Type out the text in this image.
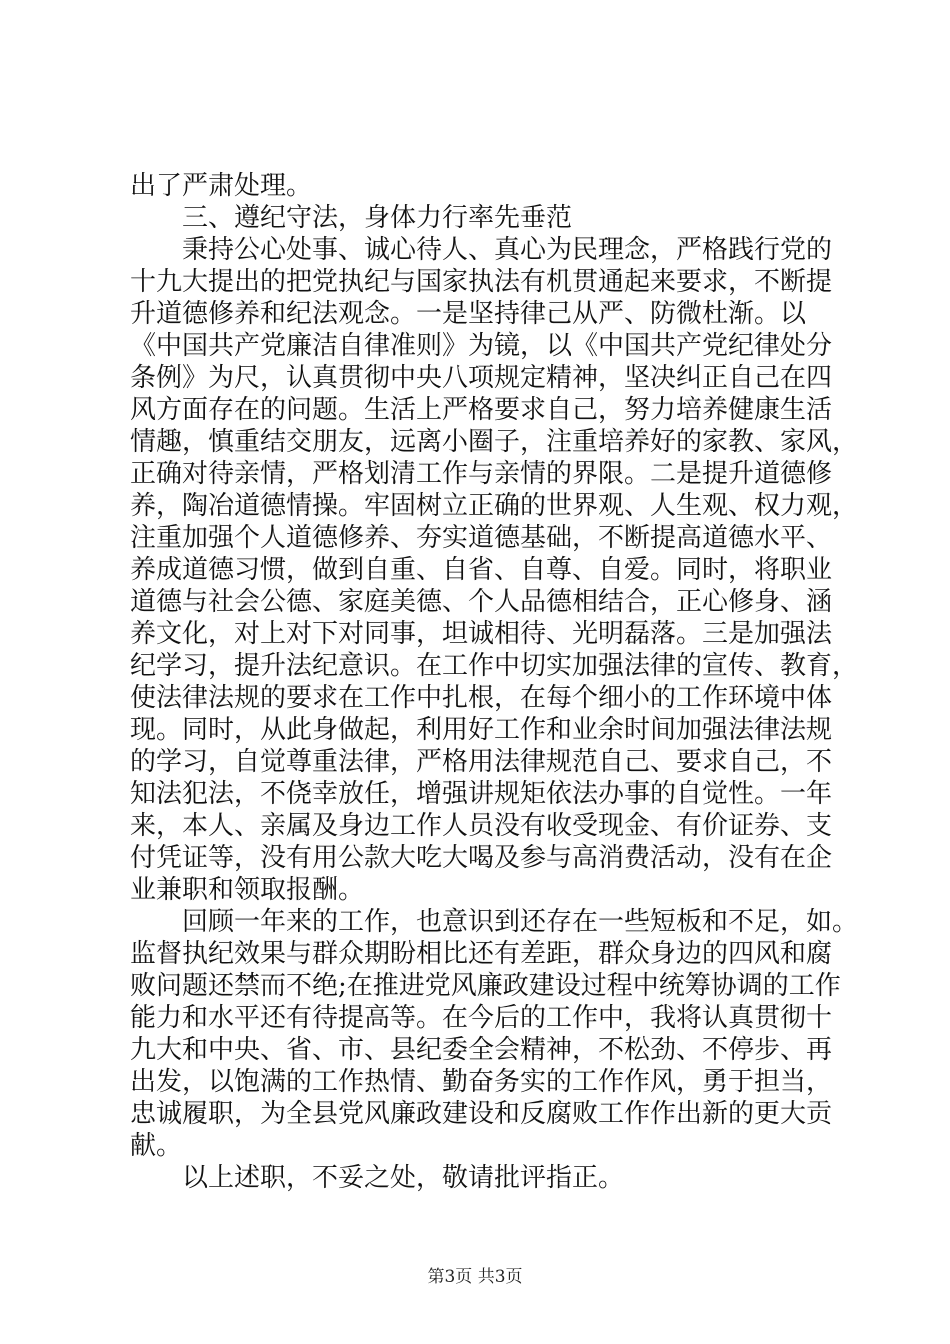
出了严肃处理。
三、遵纪守法，身体力行率先垂范
秉持公心处事、诚心待人、真心为民理念，严格践行党的
十九大提出的把党执纪与国家执法有机贯通起来要求，不断提
升道德修养和纪法观念。一是坚持律己从严、防微杜渐。以
《中国共产党廉洁自律准则》为镜，以《中国共产党纪律处分
条例》为尺，认真贯彻中央八项规定精神，坚决纠正自己在四
风方面存在的问题。生活上严格要求自己，努力培养健康生活
情趣，慎重结交朋友，远离小圈子，注重培养好的家教、家风，
正确对待亲情，严格划清工作与亲情的界限。二是提升道德修
养，陶冶道德情操。牢固树立正确的世界观、人生观、权力观，
注重加强个人道德修养、夯实道德基础，不断提高道德水平、
养成道德习惯，做到自重、自省、自尊、自爱。同时，将职业
道德与社会公德、家庭美德、个人品德相结合，正心修身、涵
养文化，对上对下对同事，坦诚相待、光明磊落。三是加强法
纪学习，提升法纪意识。在工作中切实加强法律的宣传、教育，
使法律法规的要求在工作中扎根，在每个细小的工作环境中体
现。同时，从此身做起，利用好工作和业余时间加强法律法规
的学习，自觉尊重法律，严格用法律规范自己、要求自己，不
知法犯法，不侥幸放任，增强讲规矩依法办事的自觉性。一年
来，本人、亲属及身边工作人员没有收受现金、有价证券、支
付凭证等，没有用公款大吃大喝及参与高消费活动，没有在企
业兼职和领取报酬。
回顾一年来的工作，也意识到还存在一些短板和不足，如。
监督执纪效果与群众期盼相比还有差距，群众身边的四风和腐
败问题还禁而不绝;在推进党风廉政建设过程中统筹协调的工作
能力和水平还有待提高等。在今后的工作中，我将认真贯彻十
九大和中央、省、市、县纪委全会精神，不松劲、不停步、再
出发，以饱满的工作热情、勤奋务实的工作作风，勇于担当，
忠诚履职，为全县党风廉政建设和反腐败工作作出新的更大贡
献。
以上述职，不妥之处，敬请批评指正。
第3页 共3页
